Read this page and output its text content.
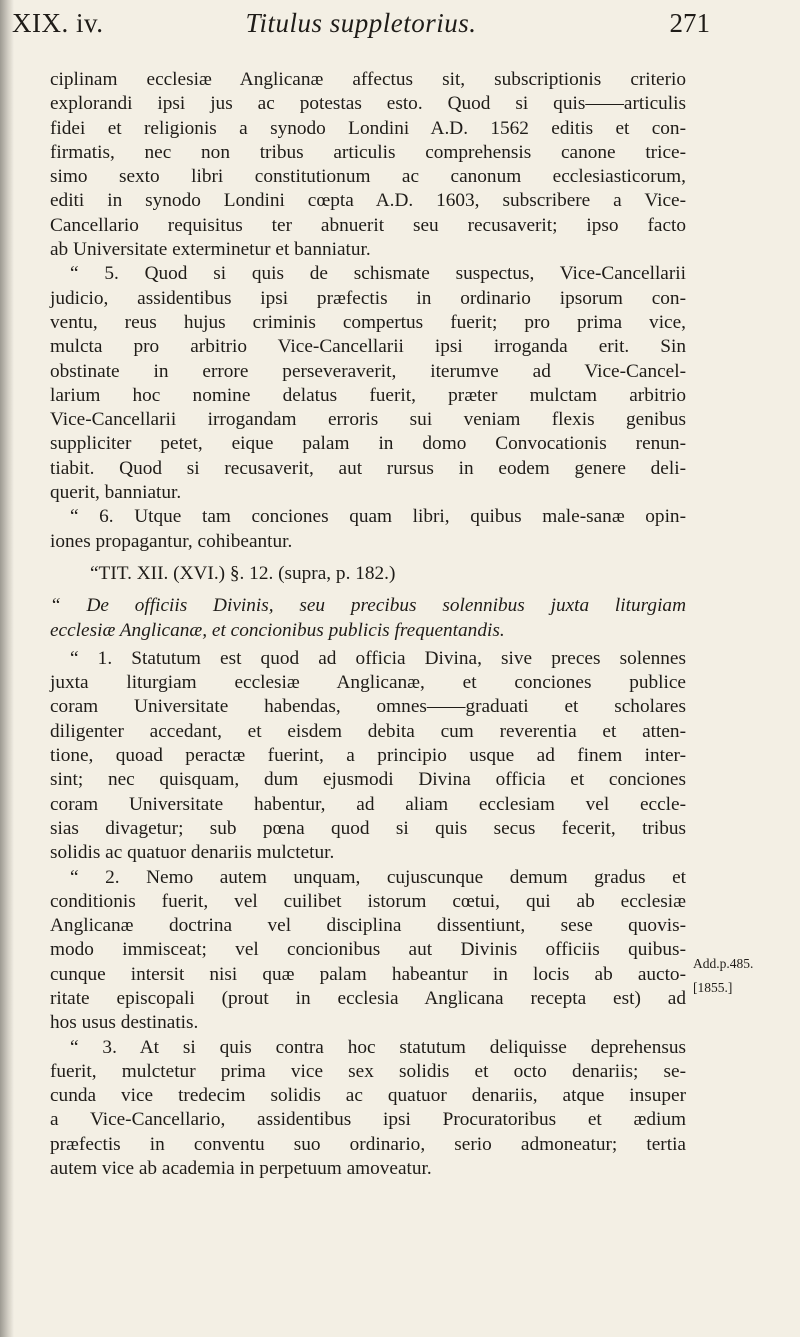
XIX. iv.	Titulus suppletorius.	271
ciplinam ecclesiæ Anglicanæ affectus sit, subscriptionis criterio
explorandi ipsi jus ac potestas esto. Quod si quis——articulis
fidei et religionis a synodo Londini A.D. 1562 editis et con-
firmatis, nec non tribus articulis comprehensis canone trice-
simo sexto libri constitutionum ac canonum ecclesiasticorum,
editi in synodo Londini cœpta A.D. 1603, subscribere a Vice-
Cancellario requisitus ter abnuerit seu recusaverit; ipso facto
ab Universitate exterminetur et banniatur.
“ 5. Quod si quis de schismate suspectus, Vice-Cancellarii
judicio, assidentibus ipsi præfectis in ordinario ipsorum con-
ventu, reus hujus criminis compertus fuerit; pro prima vice,
mulcta pro arbitrio Vice-Cancellarii ipsi irroganda erit. Sin
obstinate in errore perseveraverit, iterumve ad Vice-Cancel-
larium hoc nomine delatus fuerit, præter mulctam arbitrio
Vice-Cancellarii irrogandam erroris sui veniam flexis genibus
suppliciter petet, eique palam in domo Convocationis renun-
tiabit. Quod si recusaverit, aut rursus in eodem genere deli-
querit, banniatur.
“ 6. Utque tam conciones quam libri, quibus male-sanæ opin-
iones propagantur, cohibeantur.
“TIT. XII. (XVI.) §. 12. (supra, p. 182.)
“ De officiis Divinis, seu precibus solennibus juxta liturgiam
ecclesiæ Anglicanæ, et concionibus publicis frequentandis.
“ 1. Statutum est quod ad officia Divina, sive preces solennes
juxta liturgiam ecclesiæ Anglicanæ, et conciones publice
coram Universitate habendas, omnes——graduati et scholares
diligenter accedant, et eisdem debita cum reverentia et atten-
tione, quoad peractæ fuerint, a principio usque ad finem inter-
sint; nec quisquam, dum ejusmodi Divina officia et conciones
coram Universitate habentur, ad aliam ecclesiam vel eccle-
sias divagetur; sub pœna quod si quis secus fecerit, tribus
solidis ac quatuor denariis mulctetur.
“ 2. Nemo autem unquam, cujuscunque demum gradus et
conditionis fuerit, vel cuilibet istorum cœtui, qui ab ecclesiæ
Anglicanæ doctrina vel disciplina dissentiunt, sese quovis-
modo immisceat; vel concionibus aut Divinis officiis quibus-
cunque intersit nisi quæ palam habeantur in locis ab aucto-
ritate episcopali (prout in ecclesia Anglicana recepta est) ad
hos usus destinatis.
“ 3. At si quis contra hoc statutum deliquisse deprehensus
fuerit, mulctetur prima vice sex solidis et octo denariis; se-
cunda vice tredecim solidis ac quatuor denariis, atque insuper
a Vice-Cancellario, assidentibus ipsi Procuratoribus et ædium
præfectis in conventu suo ordinario, serio admoneatur; tertia
autem vice ab academia in perpetuum amoveatur.
Add.p.485.
[1855.]
